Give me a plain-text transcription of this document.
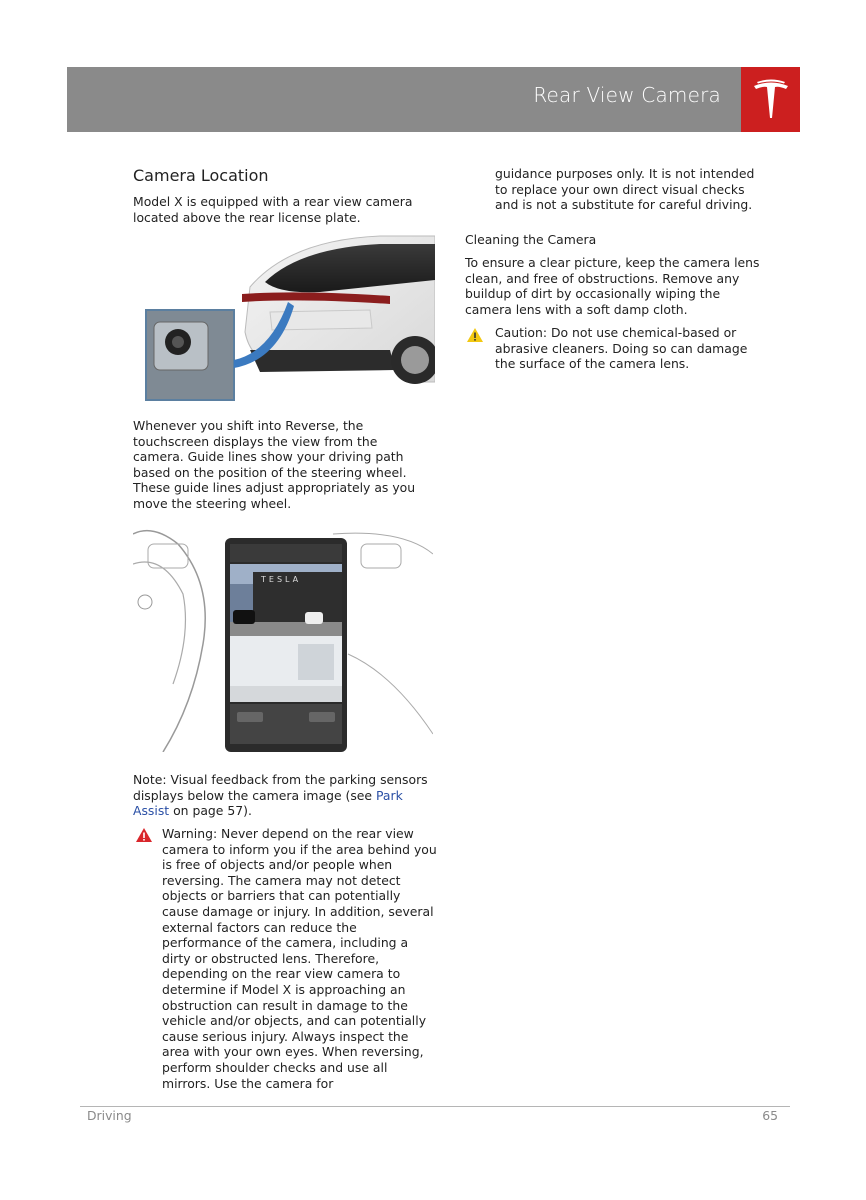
Rear View Camera
Camera Location
Model X is equipped with a rear view camera located above the rear license plate.
Whenever you shift into Reverse, the touchscreen displays the view from the camera. Guide lines show your driving path based on the position of the steering wheel. These guide lines adjust appropriately as you move the steering wheel.
TESLA
Note: Visual feedback from the parking sensors displays below the camera image (see Park Assist on page 57).
Warning: Never depend on the rear view camera to inform you if the area behind you is free of objects and/or people when reversing. The camera may not detect objects or barriers that can potentially cause damage or injury. In addition, several external factors can reduce the performance of the camera, including a dirty or obstructed lens. Therefore, depending on the rear view camera to determine if Model X is approaching an obstruction can result in damage to the vehicle and/or objects, and can potentially cause serious injury. Always inspect the area with your own eyes. When reversing, perform shoulder checks and use all mirrors. Use the camera for
guidance purposes only. It is not intended to replace your own direct visual checks and is not a substitute for careful driving.
Cleaning the Camera
To ensure a clear picture, keep the camera lens clean, and free of obstructions. Remove any buildup of dirt by occasionally wiping the camera lens with a soft damp cloth.
Caution: Do not use chemical-based or abrasive cleaners. Doing so can damage the surface of the camera lens.
Driving	65
